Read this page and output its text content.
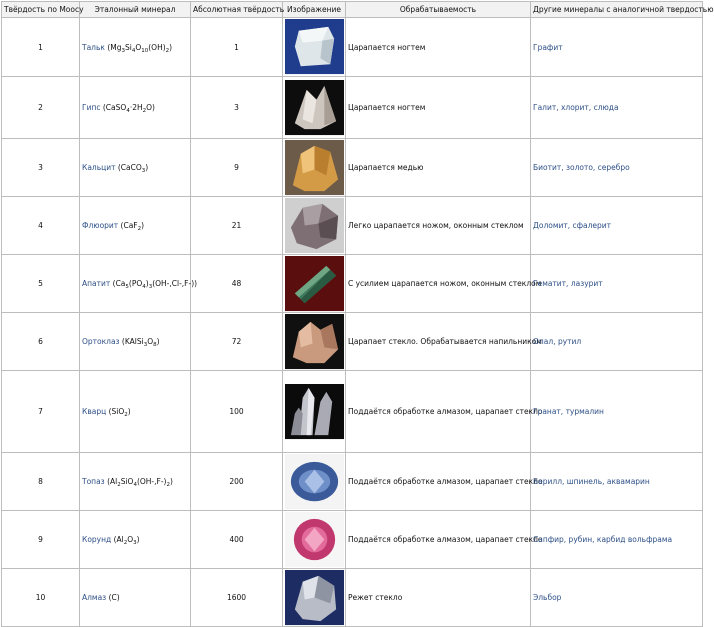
Твёрдость по Моосу	Эталонный минерал	Абсолютная твёрдость	Изображение	Обрабатываемость	Другие минералы с аналогичной твердостью
1	Тальк $(Mg_3Si_4O_{10}(OH)_2)$	1		Царапается ногтем	Графит
2	Гипс $(CaSO_4\cdot 2H_2O)$	3		Царапается ногтем	Галит, хлорит, слюда
3	Кальцит (CaCO$_3$)	9		Царапается медью	Биотит, золото, серебро
4	Флюорит (CaF$_2$)	21		Легко царапается ножом, оконным стеклом	Доломит, сфалерит
5	Апатит $(Ca_5(PO_4)_3(OH-,Cl-,F-))$	48		С усилием царапается ножом, оконным стеклом	Гематит, лазурит
6	Ортоклаз $(KAlSi_3O_8)$	72		Царапает стекло. Обрабатывается напильником	Опал, рутил
7	Кварц (SiO$_2$)	100		Поддаётся обработке алмазом, царапает стекло	Гранат, турмалин
8	Топаз $(Al_2SiO_4(OH-,F-)_2)$	200		Поддаётся обработке алмазом, царапает стекло	Берилл, шпинель, аквамарин
9	Корунд $(Al_2O_3)$	400		Поддаётся обработке алмазом, царапает стекло	Сапфир, рубин, карбид вольфрама
10	Алмаз (C)	1600		Режет стекло	Эльбор
